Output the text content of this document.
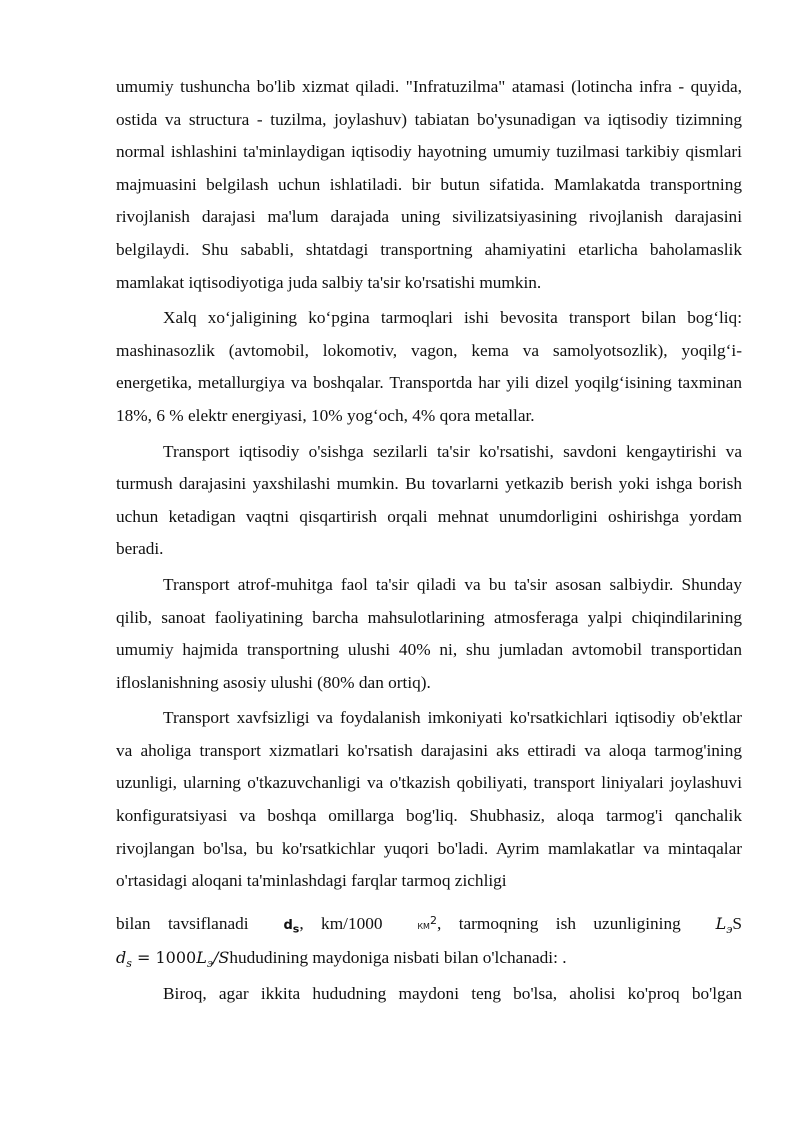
umumiy tushuncha bo'lib xizmat qiladi. "Infratuzilma" atamasi (lotincha infra - quyida, ostida va structura - tuzilma, joylashuv) tabiatan bo'ysunadigan va iqtisodiy tizimning normal ishlashini ta'minlaydigan iqtisodiy hayotning umumiy tuzilmasi tarkibiy qismlari majmuasini belgilash uchun ishlatiladi. bir butun sifatida. Mamlakatda transportning rivojlanish darajasi ma'lum darajada uning sivilizatsiyasining rivojlanish darajasini belgilaydi. Shu sababli, shtatdagi transportning ahamiyatini etarlicha baholamaslik mamlakat iqtisodiyotiga juda salbiy ta'sir ko'rsatishi mumkin.

Xalq xoʻjaligining koʻpgina tarmoqlari ishi bevosita transport bilan bogʻliq: mashinasozlik (avtomobil, lokomotiv, vagon, kema va samolyotsozlik), yoqilgʻi-energetika, metallurgiya va boshqalar. Transportda har yili dizel yoqilgʻisining taxminan 18%, 6 % elektr energiyasi, 10% yogʻoch, 4% qora metallar.

Transport iqtisodiy o'sishga sezilarli ta'sir ko'rsatishi, savdoni kengaytirishi va turmush darajasini yaxshilashi mumkin. Bu tovarlarni yetkazib berish yoki ishga borish uchun ketadigan vaqtni qisqartirish orqali mehnat unumdorligini oshirishga yordam beradi.

Transport atrof-muhitga faol ta'sir qiladi va bu ta'sir asosan salbiydir. Shunday qilib, sanoat faoliyatining barcha mahsulotlarining atmosferaga yalpi chiqindilarining umumiy hajmida transportning ulushi 40% ni, shu jumladan avtomobil transportidan ifloslanishning asosiy ulushi (80% dan ortiq).

Transport xavfsizligi va foydalanish imkoniyati ko'rsatkichlari iqtisodiy ob'ektlar va aholiga transport xizmatlari ko'rsatish darajasini aks ettiradi va aloqa tarmog'ining uzunligi, ularning o'tkazuvchanligi va o'tkazish qobiliyati, transport liniyalari joylashuvi konfiguratsiyasi va boshqa omillarga bog'liq. Shubhasiz, aloqa tarmog'i qanchalik rivojlangan bo'lsa, bu ko'rsatkichlar yuqori bo'ladi. Ayrim mamlakatlar va mintaqalar o'rtasidagi aloqani ta'minlashdagi farqlar tarmoq zichligi

bilan tavsiflanadi	$d_s$, km/1000	$км^2$, tarmoqning ish uzunligining $L_эS$

$d_s$ = $1000L_э$/Shududining maydoniga nisbati bilan o'lchanadi: .

Biroq, agar ikkita hududning maydoni teng bo'lsa, aholisi ko'proq bo'lgan
